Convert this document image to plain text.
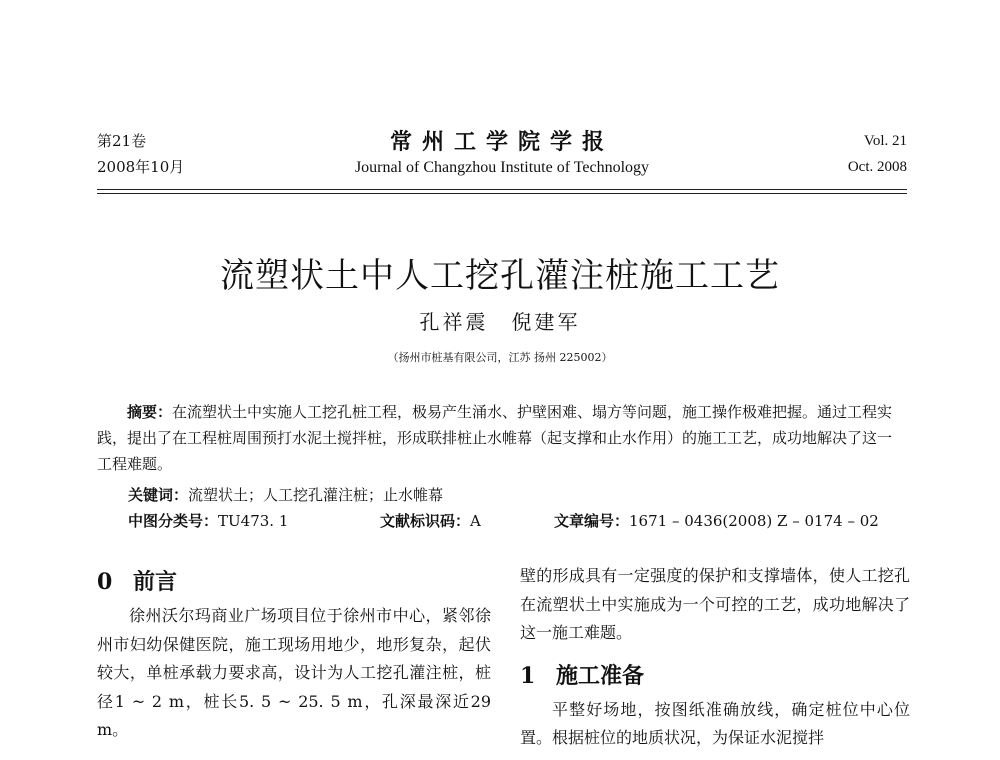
第21卷
2008年10月
常州工学院学报
Journal of Changzhou Institute of Technology
Vol. 21
Oct. 2008
流塑状土中人工挖孔灌注桩施工工艺
孔祥震　倪建军
（扬州市桩基有限公司，江苏 扬州 225002）
摘要：在流塑状土中实施人工挖孔桩工程，极易产生涌水、护壁困难、塌方等问题，施工操作极难把握。通过工程实践，提出了在工程桩周围预打水泥土搅拌桩，形成联排桩止水帷幕（起支撑和止水作用）的施工工艺，成功地解决了这一工程难题。
关键词：流塑状土；人工挖孔灌注桩；止水帷幕
中图分类号：TU473. 1	文献标识码：A	文章编号：1671 – 0436(2008) Z – 0174 – 02
0 前言

徐州沃尔玛商业广场项目位于徐州市中心，紧邻徐州市妇幼保健医院，施工现场用地少，地形复杂，起伏较大，单桩承载力要求高，设计为人工挖孔灌注桩，桩径1 ~ 2 m，桩长5. 5 ~ 25. 5 m，孔深最深近29 m。

壁的形成具有一定强度的保护和支撑墙体，使人工挖孔在流塑状土中实施成为一个可控的工艺，成功地解决了这一施工难题。

1 施工准备

平整好场地，按图纸准确放线，确定桩位中心位置。根据桩位的地质状况，为保证水泥搅拌
